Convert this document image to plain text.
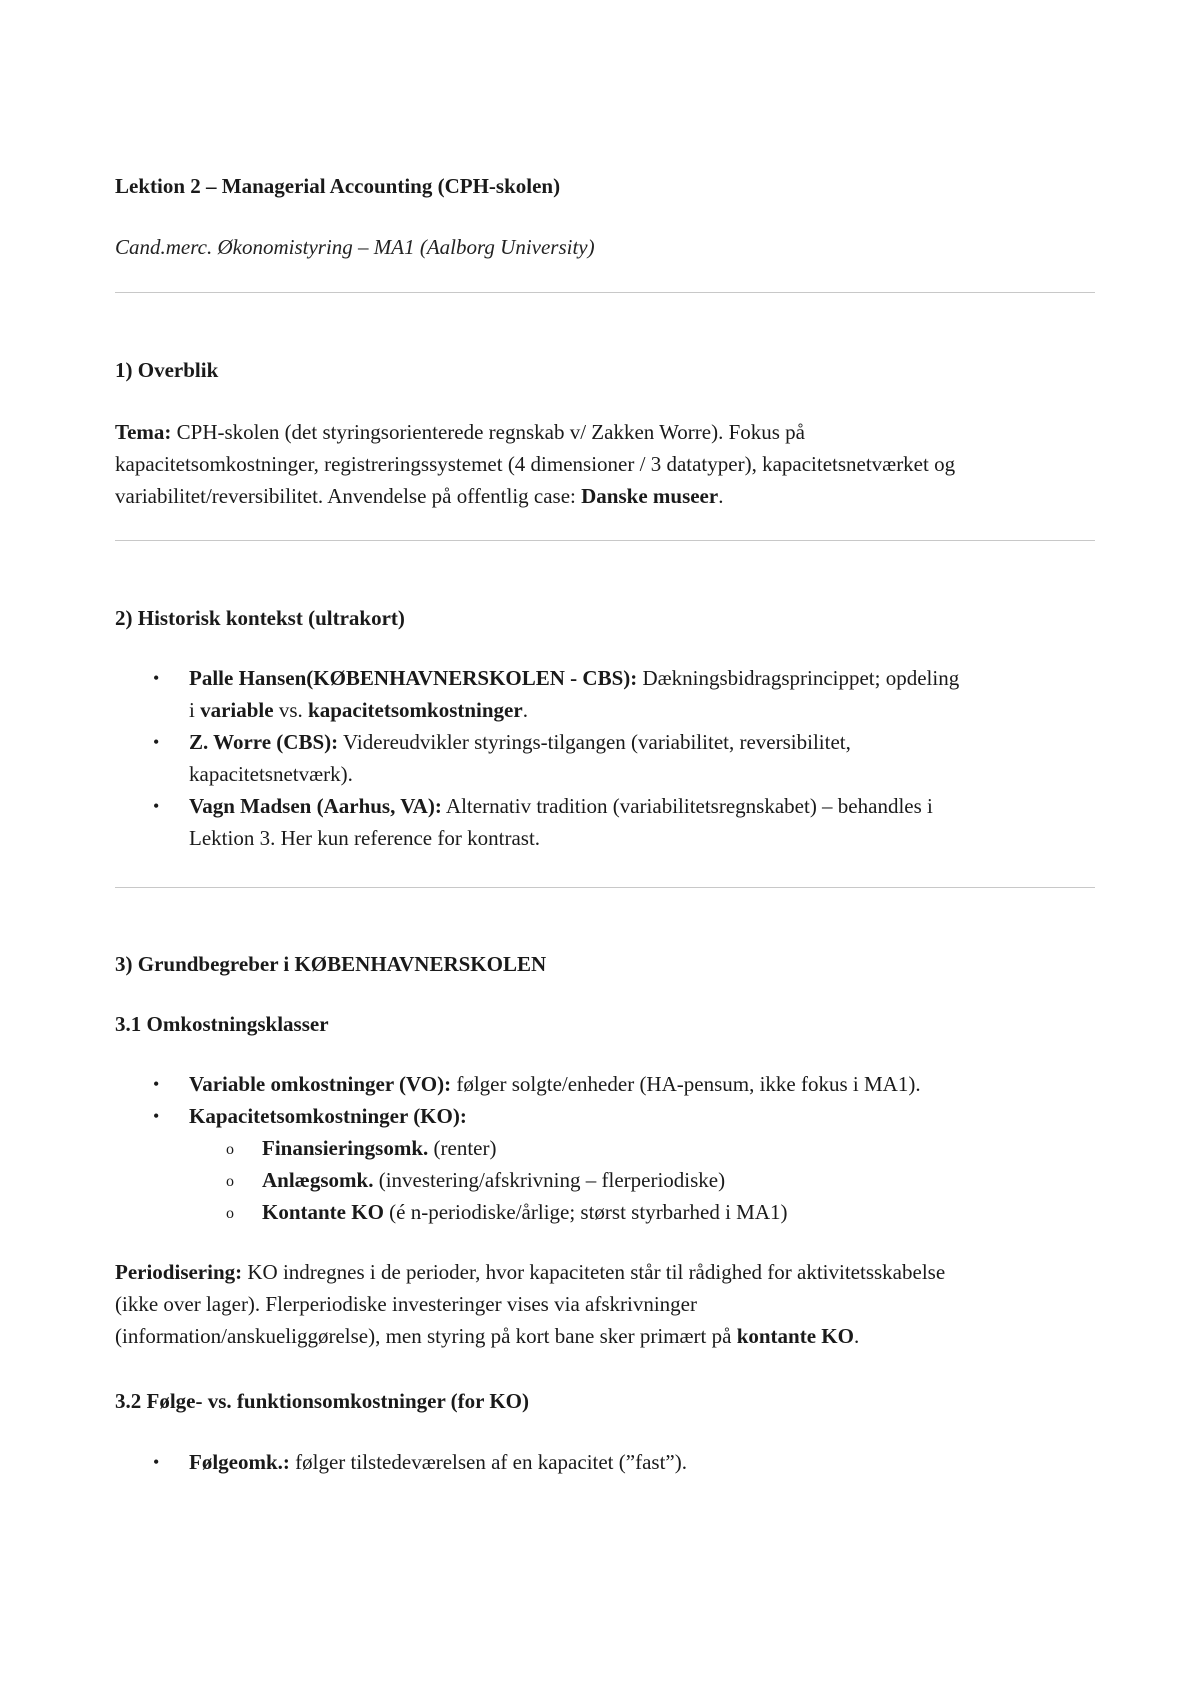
Lektion 2 – Managerial Accounting (CPH-skolen)
Cand.merc. Økonomistyring – MA1 (Aalborg University)
1) Overblik
Tema: CPH-skolen (det styringsorienterede regnskab v/ Zakken Worre). Fokus på
kapacitetsomkostninger, registreringssystemet (4 dimensioner / 3 datatyper), kapacitetsnetværket og
variabilitet/reversibilitet. Anvendelse på offentlig case: Danske museer.
2) Historisk kontekst (ultrakort)
• Palle Hansen(KØBENHAVNERSKOLEN - CBS): Dækningsbidragsprincippet; opdeling
i variable vs. kapacitetsomkostninger.
• Z. Worre (CBS): Videreudvikler styrings-tilgangen (variabilitet, reversibilitet,
kapacitetsnetværk).
• Vagn Madsen (Aarhus, VA): Alternativ tradition (variabilitetsregnskabet) – behandles i
Lektion 3. Her kun reference for kontrast.
3) Grundbegreber i KØBENHAVNERSKOLEN
3.1 Omkostningsklasser
• Variable omkostninger (VO): følger solgte/enheder (HA-pensum, ikke fokus i MA1).
• Kapacitetsomkostninger (KO):
o Finansieringsomk. (renter)
o Anlægsomk. (investering/afskrivning – flerperiodiske)
o Kontante KO (é n-periodiske/årlige; størst styrbarhed i MA1)
Periodisering: KO indregnes i de perioder, hvor kapaciteten står til rådighed for aktivitetsskabelse
(ikke over lager). Flerperiodiske investeringer vises via afskrivninger
(information/anskueliggørelse), men styring på kort bane sker primært på kontante KO.
3.2 Følge- vs. funktionsomkostninger (for KO)
• Følgeomk.: følger tilstedeværelsen af en kapacitet (”fast”).
